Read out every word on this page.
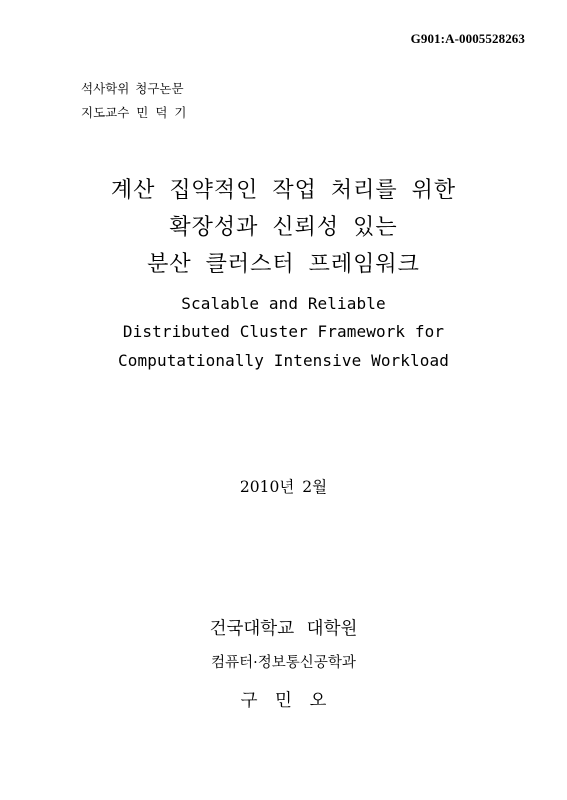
G901:A-0005528263
석사학위 청구논문
지도교수 민 덕 기
계산 집약적인 작업 처리를 위한
확장성과 신뢰성 있는
분산 클러스터 프레임워크
Scalable and Reliable
Distributed Cluster Framework for
Computationally Intensive Workload
2010년 2월
건국대학교 대학원
컴퓨터·정보통신공학과
구 민 오
